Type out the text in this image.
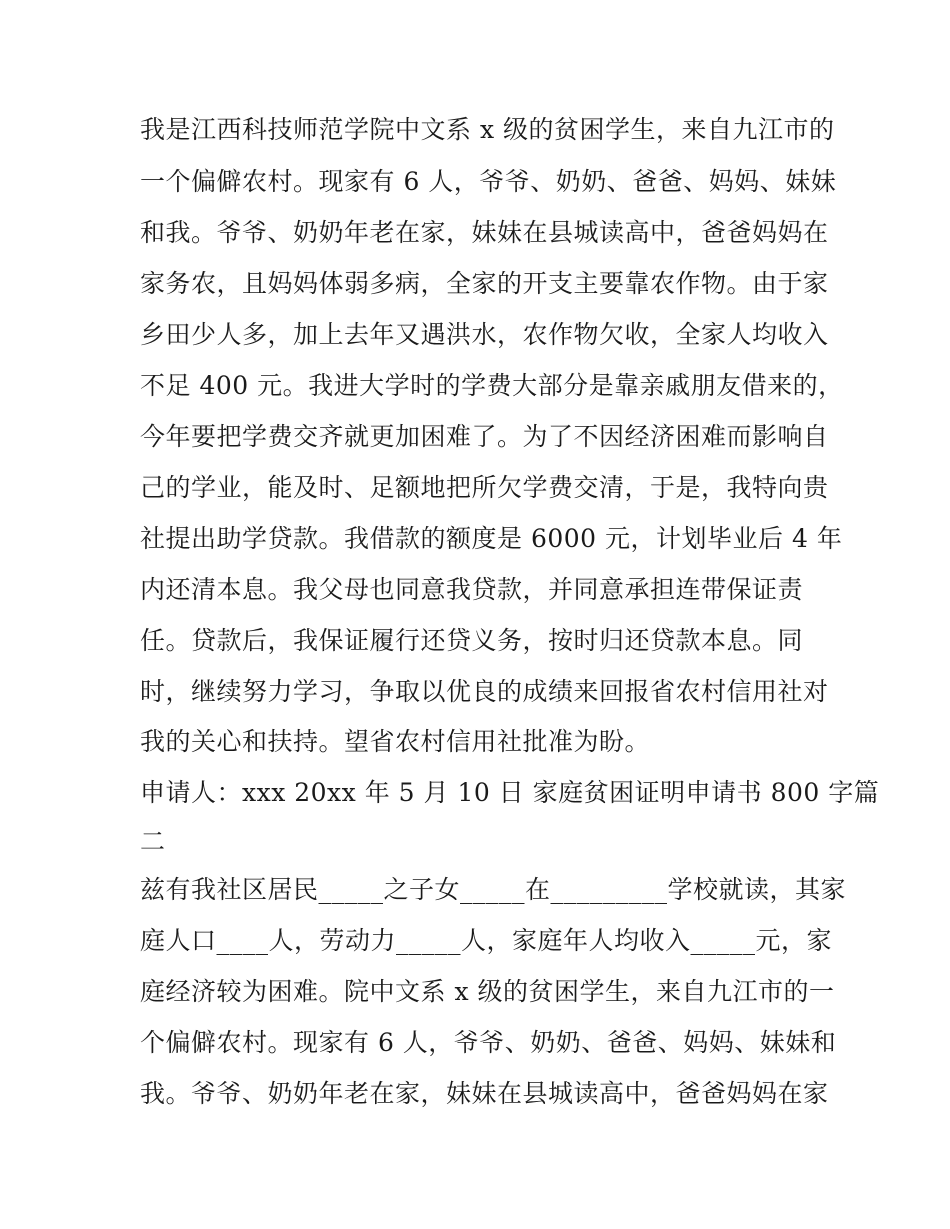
我是江西科技师范学院中文系 x 级的贫困学生，来自九江市的
一个偏僻农村。现家有 6 人，爷爷、奶奶、爸爸、妈妈、妹妹
和我。爷爷、奶奶年老在家，妹妹在县城读高中，爸爸妈妈在
家务农，且妈妈体弱多病，全家的开支主要靠农作物。由于家
乡田少人多，加上去年又遇洪水，农作物欠收，全家人均收入
不足 400 元。我进大学时的学费大部分是靠亲戚朋友借来的，
今年要把学费交齐就更加困难了。为了不因经济困难而影响自
己的学业，能及时、足额地把所欠学费交清，于是，我特向贵
社提出助学贷款。我借款的额度是 6000 元，计划毕业后 4 年
内还清本息。我父母也同意我贷款，并同意承担连带保证责
任。贷款后，我保证履行还贷义务，按时归还贷款本息。同
时，继续努力学习，争取以优良的成绩来回报省农村信用社对
我的关心和扶持。望省农村信用社批准为盼。
申请人：xxx 20xx 年 5 月 10 日 家庭贫困证明申请书 800 字篇
二
兹有我社区居民_____之子女_____在_________学校就读，其家
庭人口____人，劳动力_____人，家庭年人均收入_____元，家
庭经济较为困难。院中文系 x 级的贫困学生，来自九江市的一
个偏僻农村。现家有 6 人，爷爷、奶奶、爸爸、妈妈、妹妹和
我。爷爷、奶奶年老在家，妹妹在县城读高中，爸爸妈妈在家
